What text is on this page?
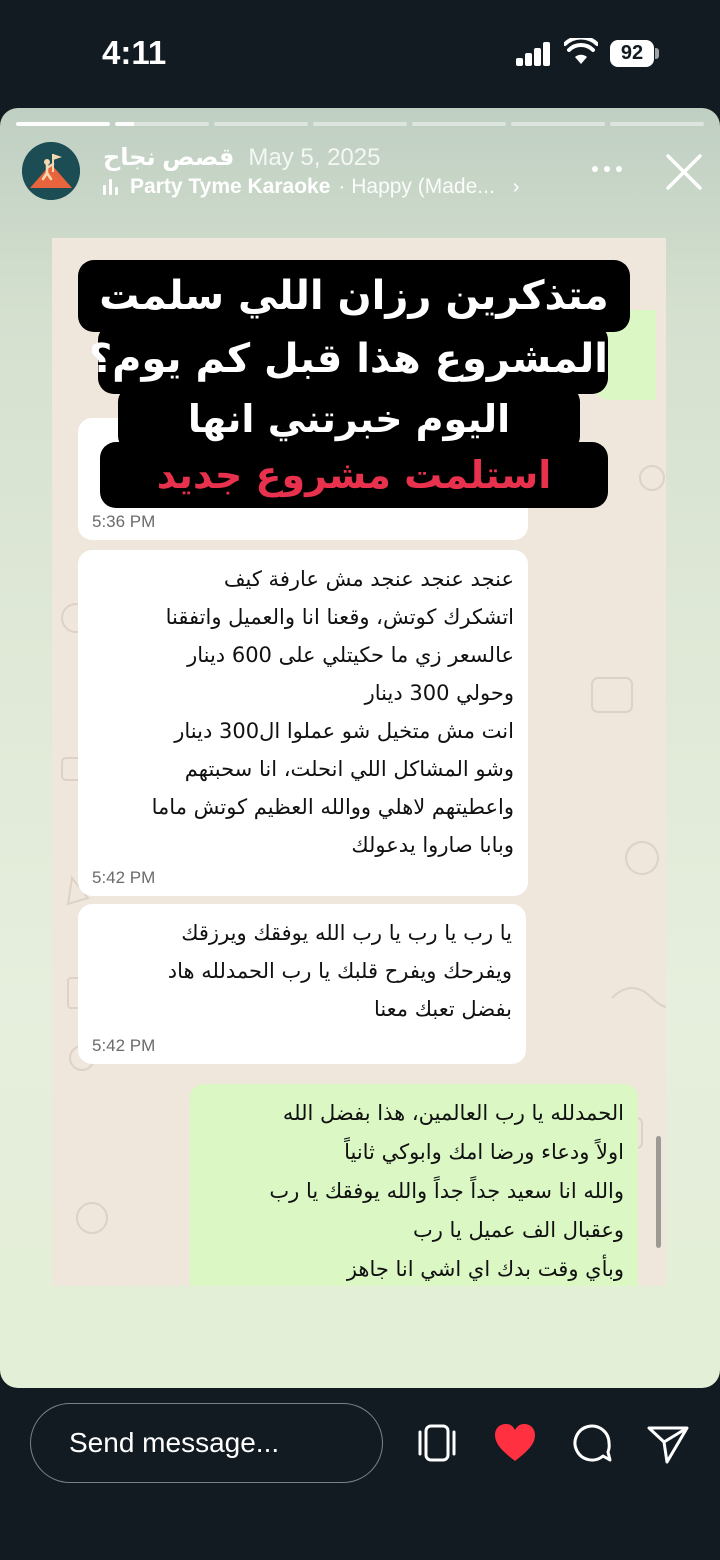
4:11	92
قصص نجاح May 5, 2025
Party Tyme Karaoke · Happy (Made... ›
5:36 PM
عنجد عنجد عنجد مش عارفة كيف
اتشكرك كوتش، وقعنا انا والعميل واتفقنا
عالسعر زي ما حكيتلي على 600 دينار
وحولي 300 دينار
انت مش متخيل شو عملوا ال300 دينار
وشو المشاكل اللي انحلت، انا سحبتهم
واعطيتهم لاهلي ووالله العظيم كوتش ماما
وبابا صاروا يدعولك
5:42 PM
يا رب يا رب يا رب الله يوفقك ويرزقك
ويفرحك ويفرح قلبك يا رب الحمدلله هاد
بفضل تعبك معنا
5:42 PM
الحمدلله يا رب العالمين، هذا بفضل الله
اولاً ودعاء ورضا امك وابوكي ثانياً
والله انا سعيد جداً جداً والله يوفقك يا رب
وعقبال الف عميل يا رب
وبأي وقت بدك اي اشي انا جاهز
متذكرين رزان اللي سلمت
المشروع هذا قبل كم يوم؟
اليوم خبرتني انها
استلمت مشروع جديد
Send message...
